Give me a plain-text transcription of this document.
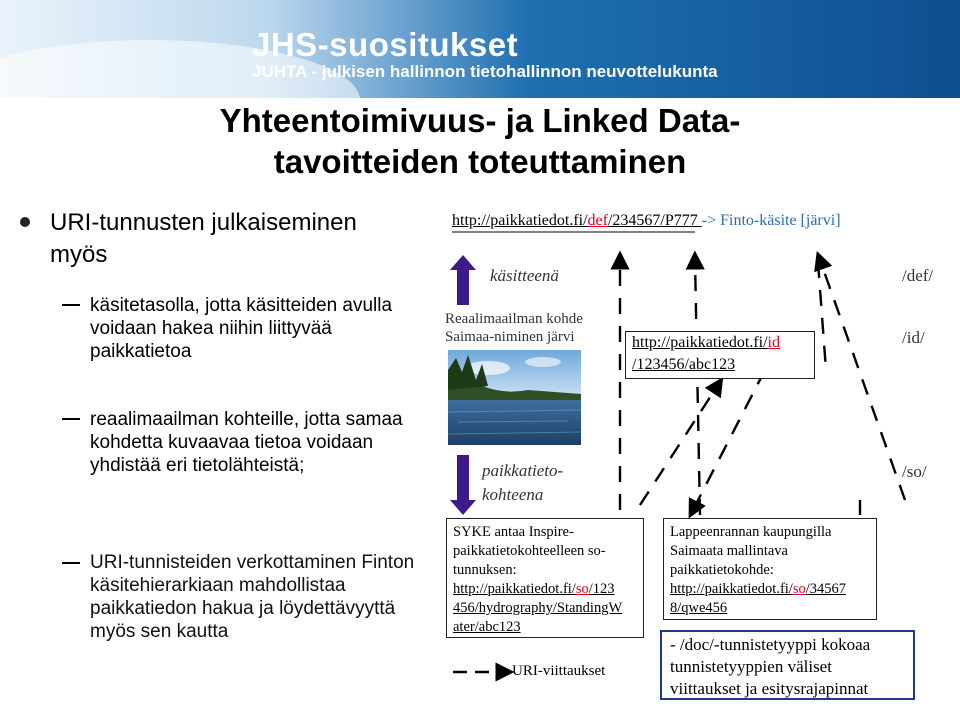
JHS-suositukset
JUHTA - julkisen hallinnon tietohallinnon neuvottelukunta
Yhteentoimivuus- ja Linked Data-
tavoitteiden toteuttaminen
URI-tunnusten julkaiseminen myös
käsitetasolla, jotta käsitteiden avulla voidaan hakea niihin liittyvää paikkatietoa
reaalimaailman kohteille, jotta samaa kohdetta kuvaavaa tietoa voidaan yhdistää eri tietolähteistä;
URI-tunnisteiden verkottaminen Finton käsitehierarkiaan mahdollistaa paikkatiedon hakua ja löydettävyyttä myös sen kautta
http://paikkatiedot.fi/def/234567/P777 -> Finto-käsite [järvi]
käsitteenä
Reaalimaailman kohde
Saimaa-niminen järvi	http://paikkatiedot.fi/id
/123456/abc123
paikkatieto-
kohteena
/def/
/id/
/so/
SYKE antaa Inspire-
paikkatietokohteelleen so-
tunnuksen:
http://paikkatiedot.fi/so/123
456/hydrography/StandingW
ater/abc123
Lappeenrannan kaupungilla
Saimaata mallintava
paikkatietokohde:
http://paikkatiedot.fi/so/34567
8/qwe456
URI-viittaukset
- /doc/-tunnistetyyppi kokoaa
tunnistetyyppien väliset
viittaukset ja esitysrajapinnat
